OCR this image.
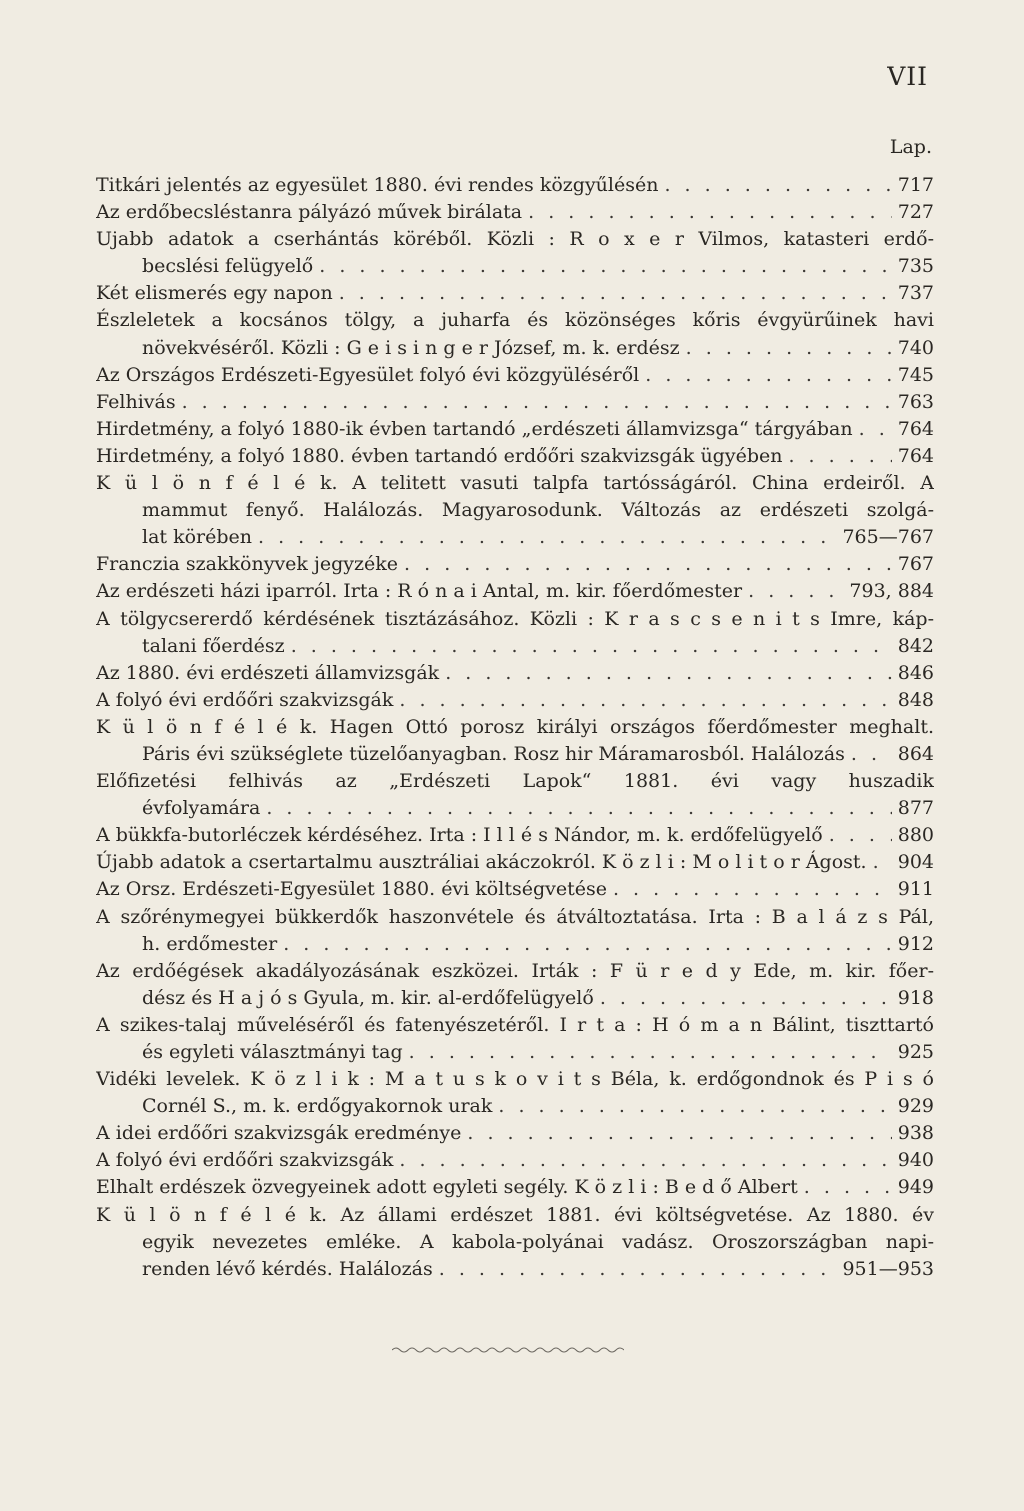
VII
Lap.
Titkári jelentés az egyesület 1880. évi rendes közgyűlésén . . .	717
Az erdőbecsléstanra pályázó művek birálata . . .	727
Ujabb adatok a cserhántás köréből. Közli : R o x e r Vilmos, katasteri erdő-
becslési felügyelő . . .	735
Két elismerés egy napon . . .	737
Észleletek a kocsános tölgy, a juharfa és közönséges kőris évgyürűinek havi
növekvéséről. Közli : G e i s i n g e r József, m. k. erdész . . .	740
Az Országos Erdészeti-Egyesület folyó évi közgyüléséről . . .	745
Felhivás . . .	763
Hirdetmény, a folyó 1880-ik évben tartandó „erdészeti államvizsga“ tárgyában . . . 764
Hirdetmény, a folyó 1880. évben tartandó erdőőri szakvizsgák ügyében . . .	764
K ü l ö n f é l é k. A telitett vasuti talpfa tartósságáról. China erdeiről. A
mammut fenyő. Halálozás. Magyarosodunk. Változás az erdészeti szolgá-
lat körében . . .	765—767
Franczia szakkönyvek jegyzéke . . .	767
Az erdészeti házi iparról. Irta : R ó n a i Antal, m. kir. főerdőmester . . .	793, 884
A tölgycsererdő kérdésének tisztázásához. Közli : K r a s c s e n i t s Imre, káp-
talani főerdész . . .	842
Az 1880. évi erdészeti államvizsgák . . .	846
A folyó évi erdőőri szakvizsgák . . .	848
K ü l ö n f é l é k. Hagen Ottó porosz királyi országos főerdőmester meghalt.
Páris évi szükséglete tüzelőanyagban. Rosz hir Máramarosból. Halálozás . . .	864
Előfizetési felhivás az „Erdészeti Lapok“ 1881. évi vagy huszadik
évfolyamára . . .	877
A bükkfa-butorléczek kérdéséhez. Irta : I l l é s Nándor, m. k. erdőfelügyelő . . .	880
Újabb adatok a csertartalmu ausztráliai akáczokról. K ö z l i : M o l i t o r Ágost. . . . 904
Az Orsz. Erdészeti-Egyesület 1880. évi költségvetése . . .	911
A szőrénymegyei bükkerdők haszonvétele és átváltoztatása. Irta : B a l á z s Pál,
h. erdőmester . . .	912
Az erdőégések akadályozásának eszközei. Irták : F ü r e d y Ede, m. kir. főer-
dész és H a j ó s Gyula, m. kir. al-erdőfelügyelő . . .	918
A szikes-talaj műveléséről és fatenyészetéről. I r t a : H ó m a n Bálint, tiszttartó
és egyleti választmányi tag . . .	925
Vidéki levelek. K ö z l i k : M a t u s k o v i t s Béla, k. erdőgondnok és P i s ó
Cornél S., m. k. erdőgyakornok urak . . .	929
A idei erdőőri szakvizsgák eredménye . . .	938
A folyó évi erdőőri szakvizsgák . . .	940
Elhalt erdészek özvegyeinek adott egyleti segély. K ö z l i : B e d ő Albert . . .	949
K ü l ö n f é l é k. Az állami erdészet 1881. évi költségvetése. Az 1880. év
egyik nevezetes emléke. A kabola-polyánai vadász. Oroszországban napi-
renden lévő kérdés. Halálozás . . .	951—953
